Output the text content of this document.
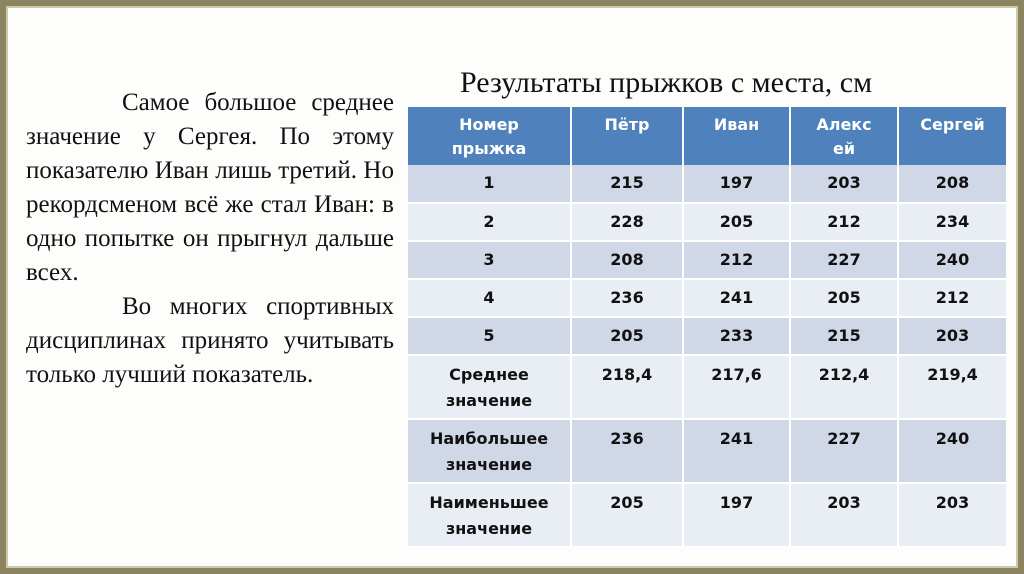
Самое большое среднее значение у Сергея. По этому показателю Иван лишь третий. Но рекордсменом всё же стал Иван: в одно попытке он прыгнул дальше всех.

Во многих спортивных дисциплинах принято учитывать только лучший показатель.

Результаты прыжков с места, см
Номер прыжка	Пётр	Иван	Алексей	Сергей
1	215	197	203	208
2	228	205	212	234
3	208	212	227	240
4	236	241	205	212
5	205	233	215	203
Среднее значение	218,4	217,6	212,4	219,4
Наибольшее значение	236	241	227	240
Наименьшее значение	205	197	203	203
